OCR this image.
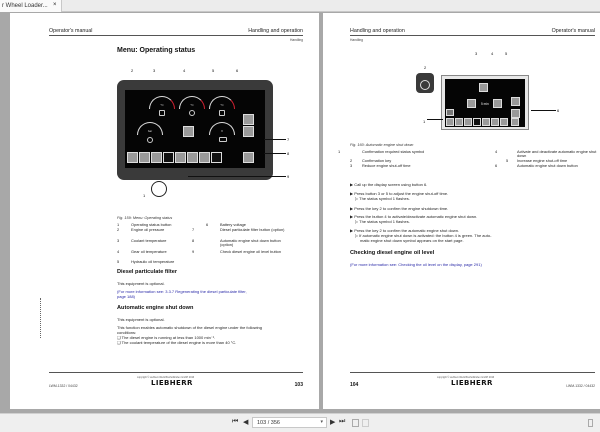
r Wheel Loader... ×
Operator's manual	Handling and operation
Handling
Menu: Operating status
2	3	4	5	6
°C	°C	°C
bar	V
1
7
8
9
Fig. 159: Menu: Operating status
1	Operating status button
2	Engine oil pressure
3	Coolant temperature
4	Gear oil temperature
5	Hydraulic oil temperature
6	Battery voltage
7	Diesel particulate filter button (option)
8	Automatic engine shut down button (option)
9	Check diesel engine oil level button
Diesel particulate filter
This equipment is optional.
(For more information see: 3.3.7 Regenerating the diesel particulate filter,
page 188)
Automatic engine shut down
This equipment is optional.
This function enables automatic shutdown of the diesel engine under the following
conditions:
❑ The diesel engine is running at less than 1000 min⁻¹.
❑ The coolant temperature of the diesel engine is more than 40 °C.
copyright © Liebherr-Werk Bischofshofen GmbH 2016
LIEBHERR
LWM-1332 / 04432	103
Handling and operation	Operator's manual
Handling
3	4	5
2
1
6
5 min
Fig. 160: Automatic engine shut down
1	Confirmation required status symbol
2	Confirmation key
3	Reduce engine shut-off time
4	Activate and deactivate automatic engine shut down
5 Increase engine shut-off time
6	Automatic engine shut down button
▶ Call up the display screen using button 6.
▶ Press button 3 or 5 to adjust the engine shut-off time.
▷ The status symbol 1 flashes.
▶ Press the key 2 to confirm the engine shutdown time.
▶ Press the button 4 to activate/deactivate automatic engine shut down.
▷ The status symbol 1 flashes.
▶ Press the key 2 to confirm the automatic engine shut down.
▷ If automatic engine shut down is activated: the button 4 is green. The auto-
matic engine shut down symbol appears on the start page.
Checking diesel engine oil level
(For more information see: Checking the oil level on the display, page 291)
copyright © Liebherr-Werk Bischofshofen GmbH 2016
LIEBHERR
104	LWM-1332 / 04432
⏮ ◀	103 / 356	▾ ▶ ⏭
